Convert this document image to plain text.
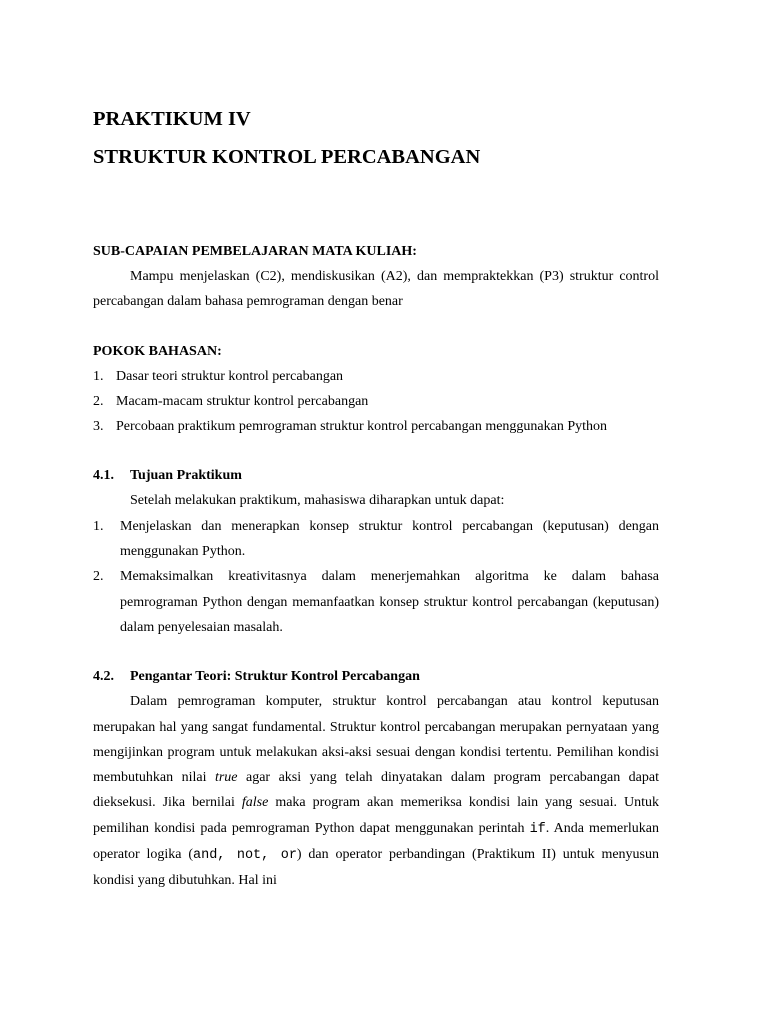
PRAKTIKUM IV
STRUKTUR KONTROL PERCABANGAN
SUB-CAPAIAN PEMBELAJARAN MATA KULIAH:

Mampu menjelaskan (C2), mendiskusikan (A2), dan mempraktekkan (P3) struktur control percabangan dalam bahasa pemrograman dengan benar

POKOK BAHASAN:
1. Dasar teori struktur kontrol percabangan
2. Macam-macam struktur kontrol percabangan
3. Percobaan praktikum pemrograman struktur kontrol percabangan menggunakan Python
4.1.	Tujuan Praktikum

Setelah melakukan praktikum, mahasiswa diharapkan untuk dapat:

1.	Menjelaskan dan menerapkan konsep struktur kontrol percabangan (keputusan) dengan menggunakan Python.
2.	Memaksimalkan kreativitasnya dalam menerjemahkan algoritma ke dalam bahasa pemrograman Python dengan memanfaatkan konsep struktur kontrol percabangan (keputusan) dalam penyelesaian masalah.
4.2.	Pengantar Teori: Struktur Kontrol Percabangan

Dalam pemrograman komputer, struktur kontrol percabangan atau kontrol keputusan merupakan hal yang sangat fundamental. Struktur kontrol percabangan merupakan pernyataan yang mengijinkan program untuk melakukan aksi-aksi sesuai dengan kondisi tertentu. Pemilihan kondisi membutuhkan nilai true agar aksi yang telah dinyatakan dalam program percabangan dapat dieksekusi. Jika bernilai false maka program akan memeriksa kondisi lain yang sesuai. Untuk pemilihan kondisi pada pemrograman Python dapat menggunakan perintah if. Anda memerlukan operator logika (and, not, or) dan operator perbandingan (Praktikum II) untuk menyusun kondisi yang dibutuhkan. Hal ini
